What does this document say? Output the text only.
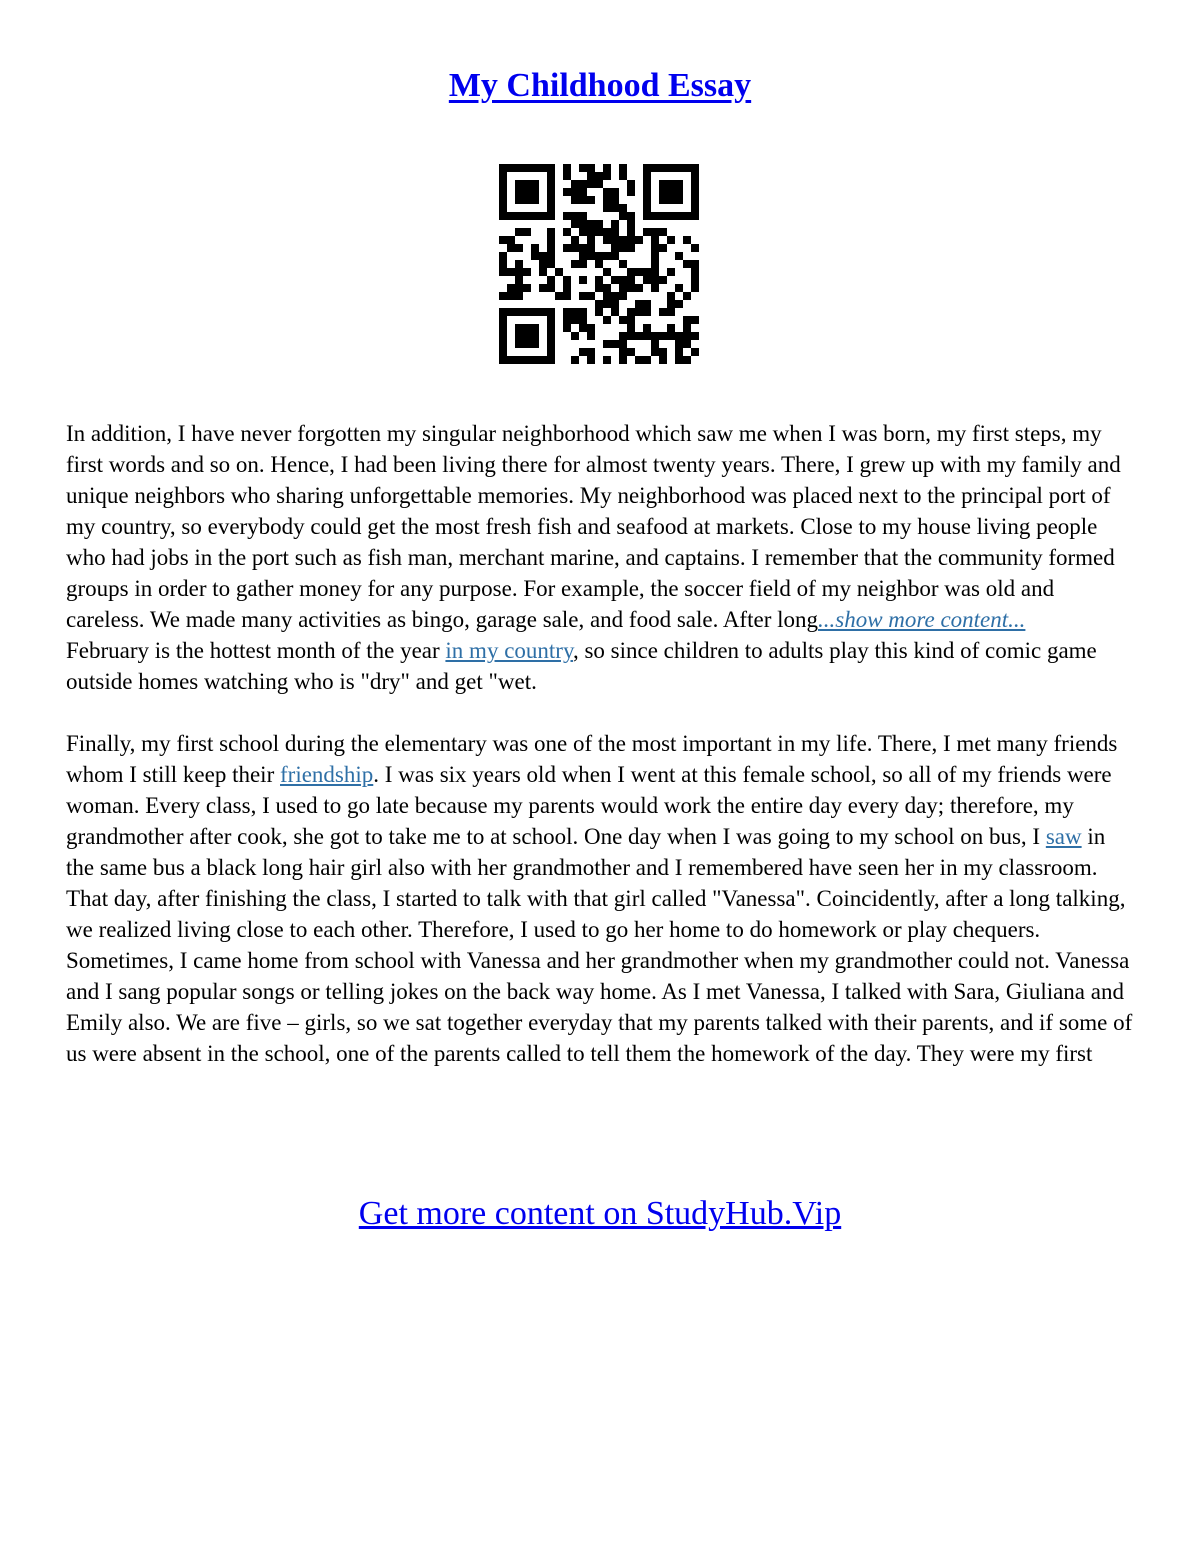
My Childhood Essay

In addition, I have never forgotten my singular neighborhood which saw me when I was born, my first steps, my first words and so on. Hence, I had been living there for almost twenty years. There, I grew up with my family and unique neighbors who sharing unforgettable memories. My neighborhood was placed next to the principal port of my country, so everybody could get the most fresh fish and seafood at markets. Close to my house living people who had jobs in the port such as fish man, merchant marine, and captains. I remember that the community formed groups in order to gather money for any purpose. For example, the soccer field of my neighbor was old and careless. We made many activities as bingo, garage sale, and food sale. After long...show more content...
February is the hottest month of the year in my country, so since children to adults play this kind of comic game outside homes watching who is "dry" and get "wet.

Finally, my first school during the elementary was one of the most important in my life. There, I met many friends whom I still keep their friendship. I was six years old when I went at this female school, so all of my friends were woman. Every class, I used to go late because my parents would work the entire day every day; therefore, my grandmother after cook, she got to take me to at school. One day when I was going to my school on bus, I saw in the same bus a black long hair girl also with her grandmother and I remembered have seen her in my classroom. That day, after finishing the class, I started to talk with that girl called "Vanessa". Coincidently, after a long talking, we realized living close to each other. Therefore, I used to go her home to do homework or play chequers. Sometimes, I came home from school with Vanessa and her grandmother when my grandmother could not. Vanessa and I sang popular songs or telling jokes on the back way home. As I met Vanessa, I talked with Sara, Giuliana and Emily also. We are five – girls, so we sat together everyday that my parents talked with their parents, and if some of us were absent in the school, one of the parents called to tell them the homework of the day. They were my first

Get more content on StudyHub.Vip
